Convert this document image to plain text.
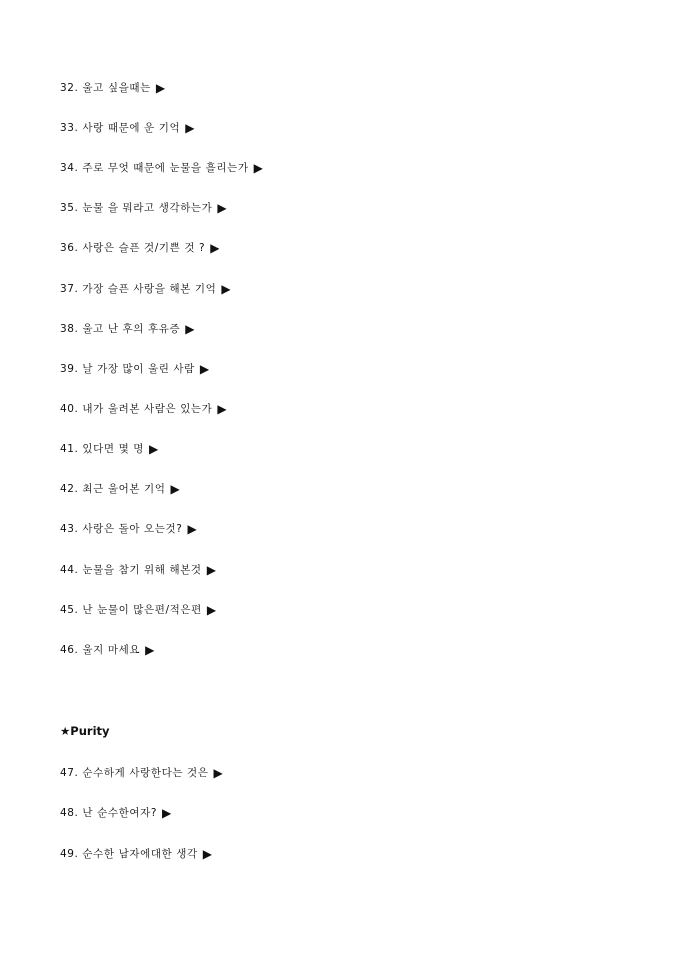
32. 울고 싶을때는 ▶
33. 사랑 때문에 운 기억 ▶
34. 주로 무엇 때문에 눈물을 흘리는가 ▶
35. 눈물 을 뭐라고 생각하는가 ▶
36. 사랑은 슬픈 것/기쁜 것 ? ▶
37. 가장 슬픈 사랑을 해본 기억 ▶
38. 울고 난 후의 후유증 ▶
39. 날 가장 많이 울린 사람 ▶
40. 내가 울려본 사람은 있는가 ▶
41. 있다면 몇 명 ▶
42. 최근 울어본 기억 ▶
43. 사랑은 돌아 오는것? ▶
44. 눈물을 참기 위해 해본것 ▶
45. 난 눈물이 많은편/적은편 ▶
46. 울지 마세요 ▶
★Purity
47. 순수하게 사랑한다는 것은 ▶
48. 난 순수한여자? ▶
49. 순수한 남자에대한 생각 ▶
